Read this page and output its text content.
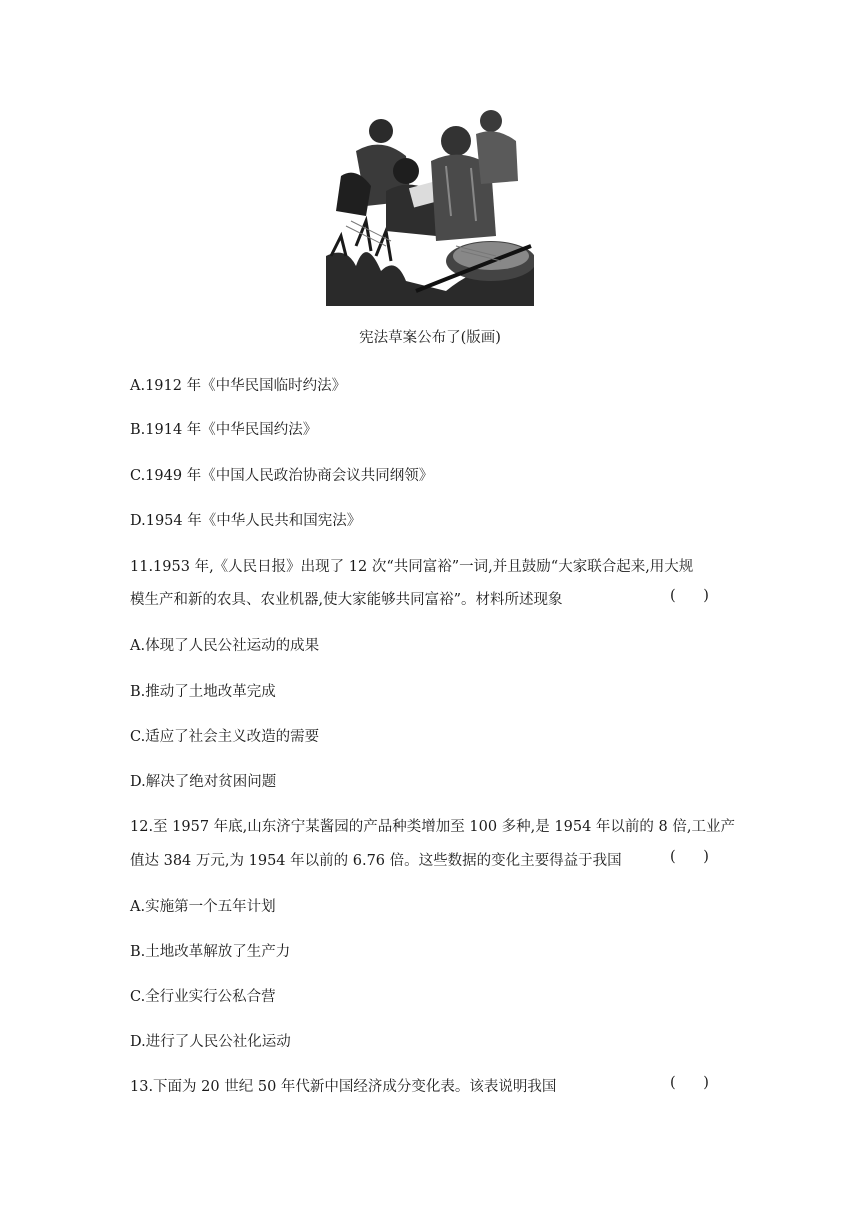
宪法草案公布了(版画)
A.1912 年《中华民国临时约法》
B.1914 年《中华民国约法》
C.1949 年《中国人民政治协商会议共同纲领》
D.1954 年《中华人民共和国宪法》
11.1953 年,《人民日报》出现了 12 次“共同富裕”一词,并且鼓励“大家联合起来,用大规
模生产和新的农具、农业机器,使大家能够共同富裕”。材料所述现象	(      )
A.体现了人民公社运动的成果
B.推动了土地改革完成
C.适应了社会主义改造的需要
D.解决了绝对贫困问题
12.至 1957 年底,山东济宁某酱园的产品种类增加至 100 多种,是 1954 年以前的 8 倍,工业产
值达 384 万元,为 1954 年以前的 6.76 倍。这些数据的变化主要得益于我国	(      )
A.实施第一个五年计划
B.土地改革解放了生产力
C.全行业实行公私合营
D.进行了人民公社化运动
13.下面为 20 世纪 50 年代新中国经济成分变化表。该表说明我国	(      )
